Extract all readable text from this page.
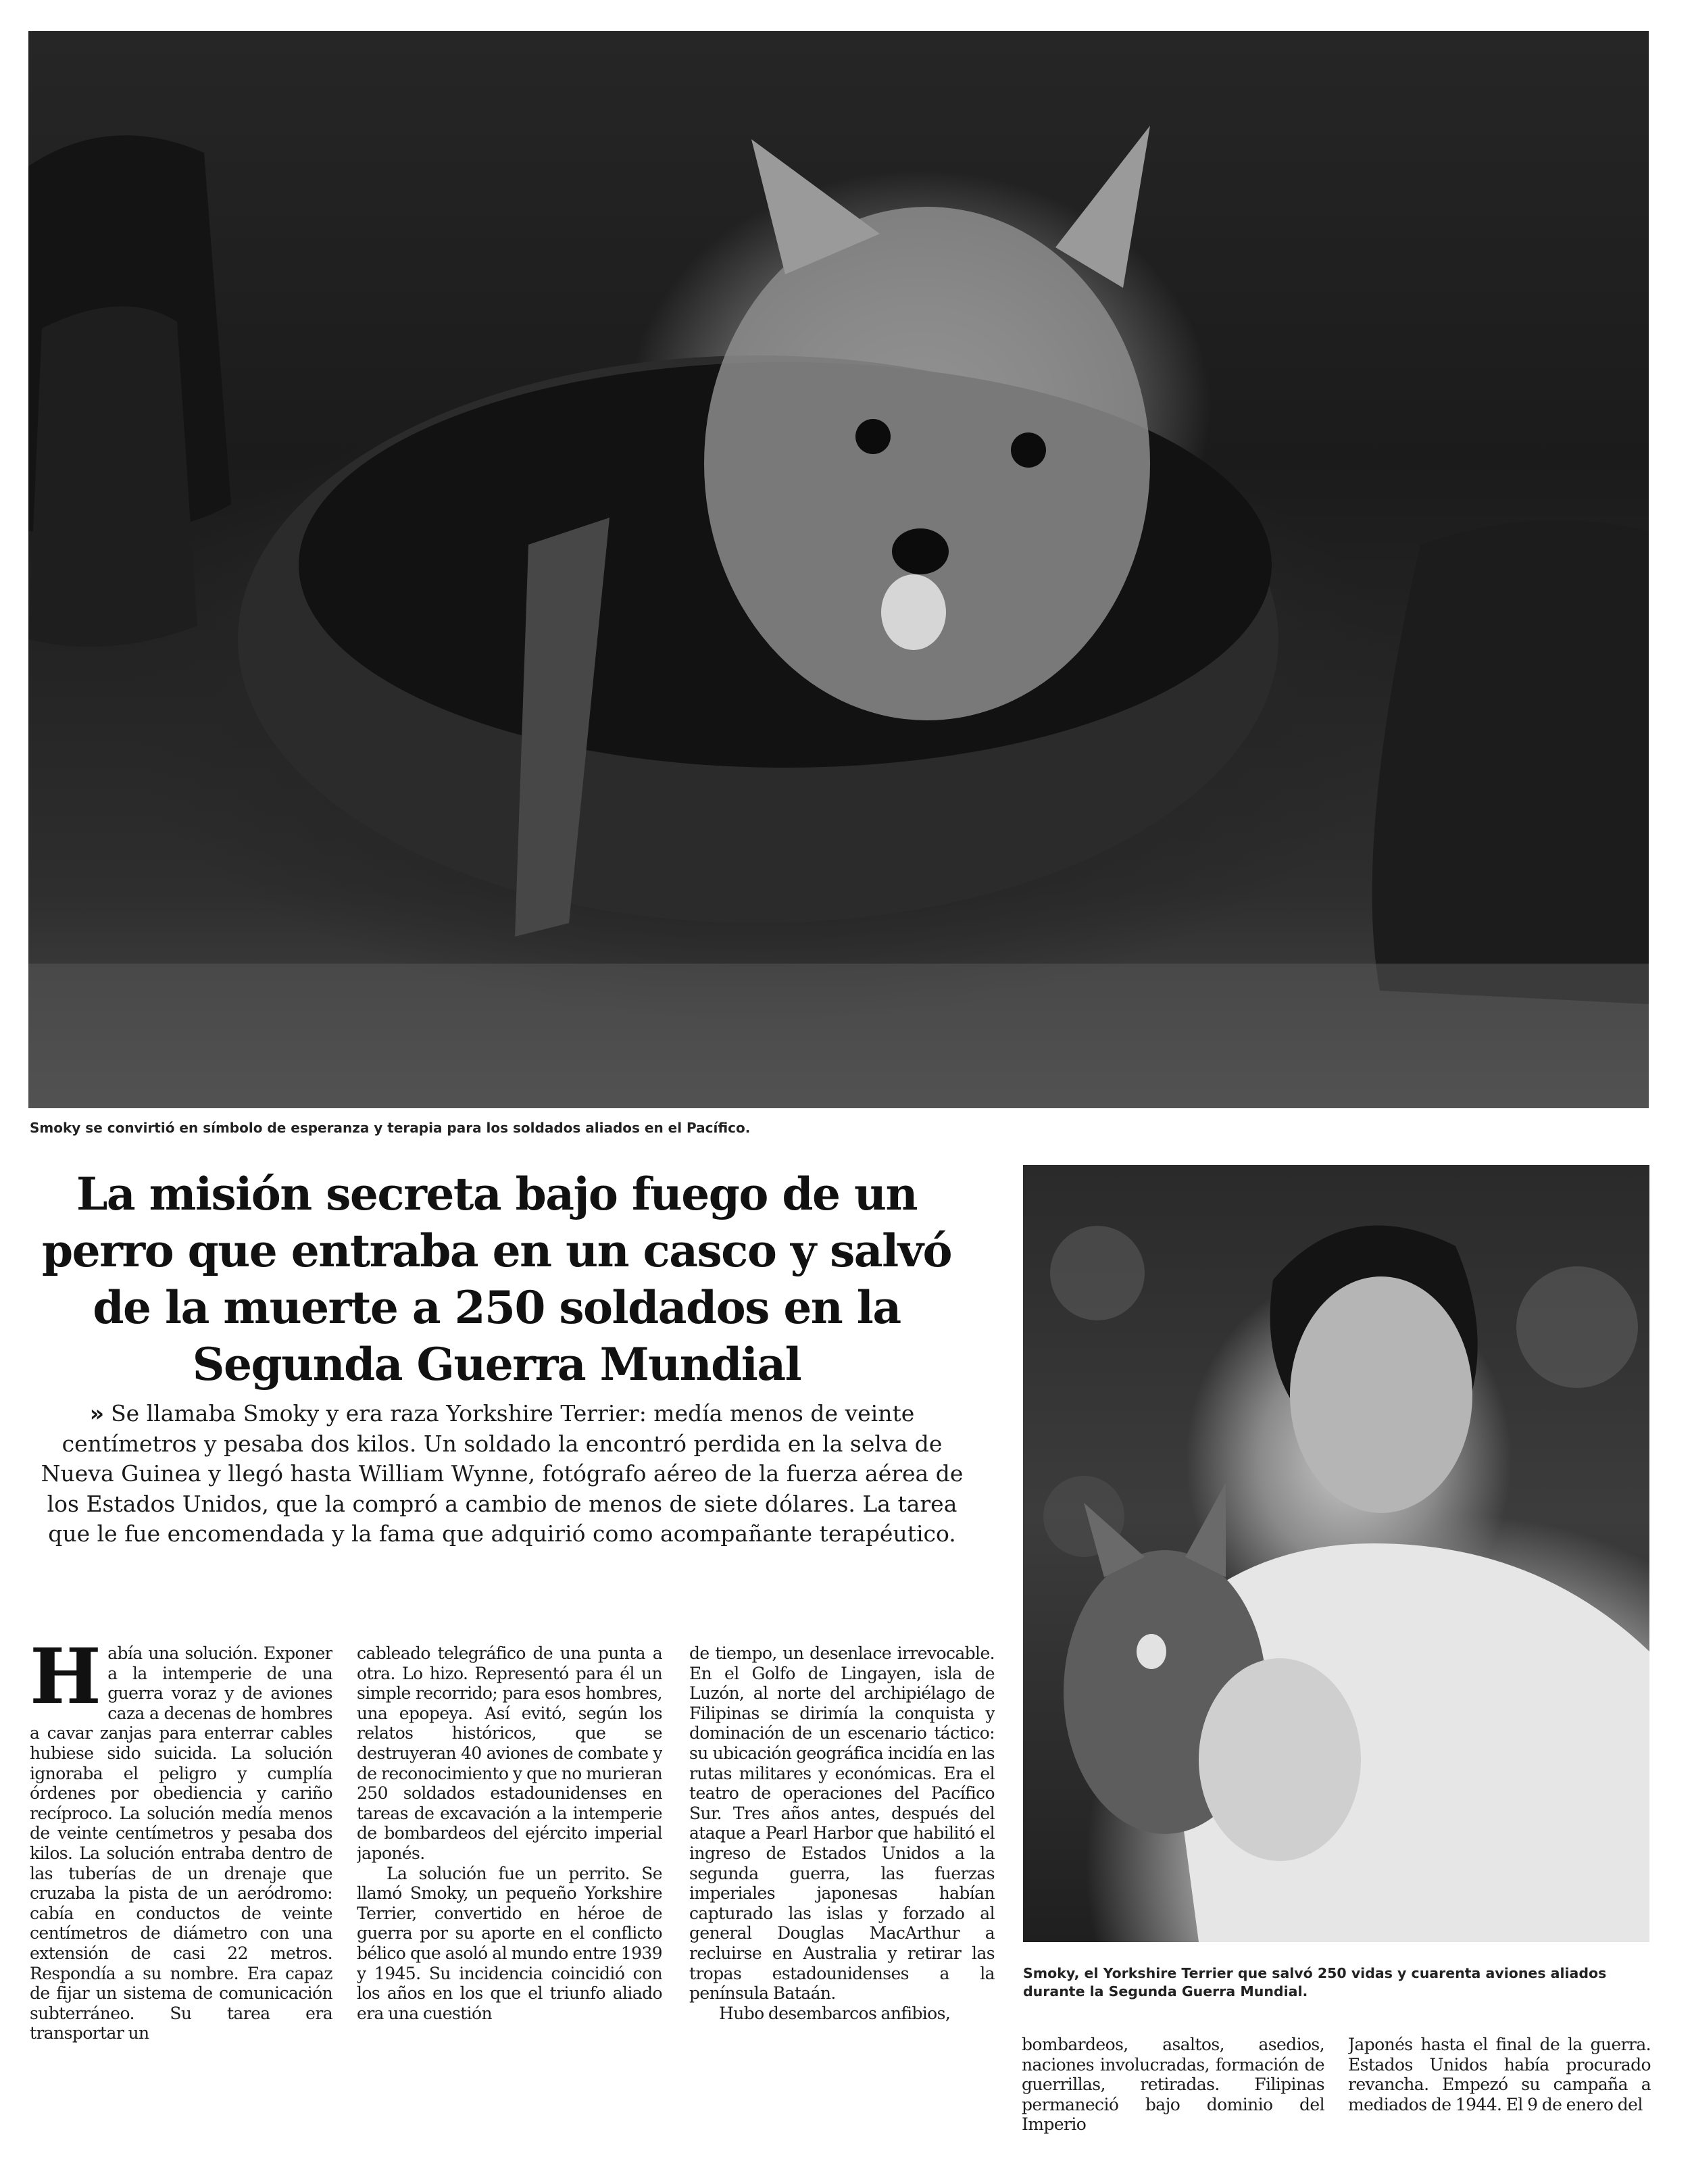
Smoky se convirtió en símbolo de esperanza y terapia para los soldados aliados en el Pacífico.
La misión secreta bajo fuego de un perro que entraba en un casco y salvó de la muerte a 250 soldados en la Segunda Guerra Mundial
» Se llamaba Smoky y era raza Yorkshire Terrier: medía menos de veinte centímetros y pesaba dos kilos. Un soldado la encontró perdida en la selva de Nueva Guinea y llegó hasta William Wynne, fotógrafo aéreo de la fuerza aérea de los Estados Unidos, que la compró a cambio de menos de siete dólares. La tarea que le fue encomendada y la fama que adquirió como acompañante terapéutico.
Smoky, el Yorkshire Terrier que salvó 250 vidas y cuarenta aviones aliados durante la Segunda Guerra Mundial.
H abía una solución. Exponer a la intemperie de una guerra voraz y de aviones caza a decenas de hombres a cavar zanjas para enterrar cables hubiese sido suicida. La solución ignoraba el peligro y cumplía órdenes por obediencia y cariño recíproco. La solución medía menos de veinte centímetros y pesaba dos kilos. La solución entraba dentro de las tuberías de un drenaje que cruzaba la pista de un aeródromo: cabía en conductos de veinte centímetros de diámetro con una extensión de casi 22 metros. Respondía a su nombre. Era capaz de fijar un sistema de comunicación subterráneo. Su tarea era transportar un

cableado telegráfico de una punta a otra. Lo hizo. Representó para él un simple recorrido; para esos hombres, una epopeya. Así evitó, según los relatos históricos, que se destruyeran 40 aviones de combate y de reconocimiento y que no murieran 250 soldados estadounidenses en tareas de excavación a la intemperie de bombardeos del ejército imperial japonés.

La solución fue un perrito. Se llamó Smoky, un pequeño Yorkshire Terrier, convertido en héroe de guerra por su aporte en el conflicto bélico que asoló al mundo entre 1939 y 1945. Su incidencia coincidió con los años en los que el triunfo aliado era una cuestión

de tiempo, un desenlace irrevocable. En el Golfo de Lingayen, isla de Luzón, al norte del archipiélago de Filipinas se dirimía la conquista y dominación de un escenario táctico: su ubicación geográfica incidía en las rutas militares y económicas. Era el teatro de operaciones del Pacífico Sur. Tres años antes, después del ataque a Pearl Harbor que habilitó el ingreso de Estados Unidos a la segunda guerra, las fuerzas imperiales japonesas habían capturado las islas y forzado al general Douglas MacArthur a recluirse en Australia y retirar las tropas estadounidenses a la península Bataán.

Hubo desembarcos anfibios,

bombardeos, asaltos, asedios, naciones involucradas, formación de guerrillas, retiradas. Filipinas permaneció bajo dominio del Imperio

Japonés hasta el final de la guerra. Estados Unidos había procurado revancha. Empezó su campaña a mediados de 1944. El 9 de enero del
